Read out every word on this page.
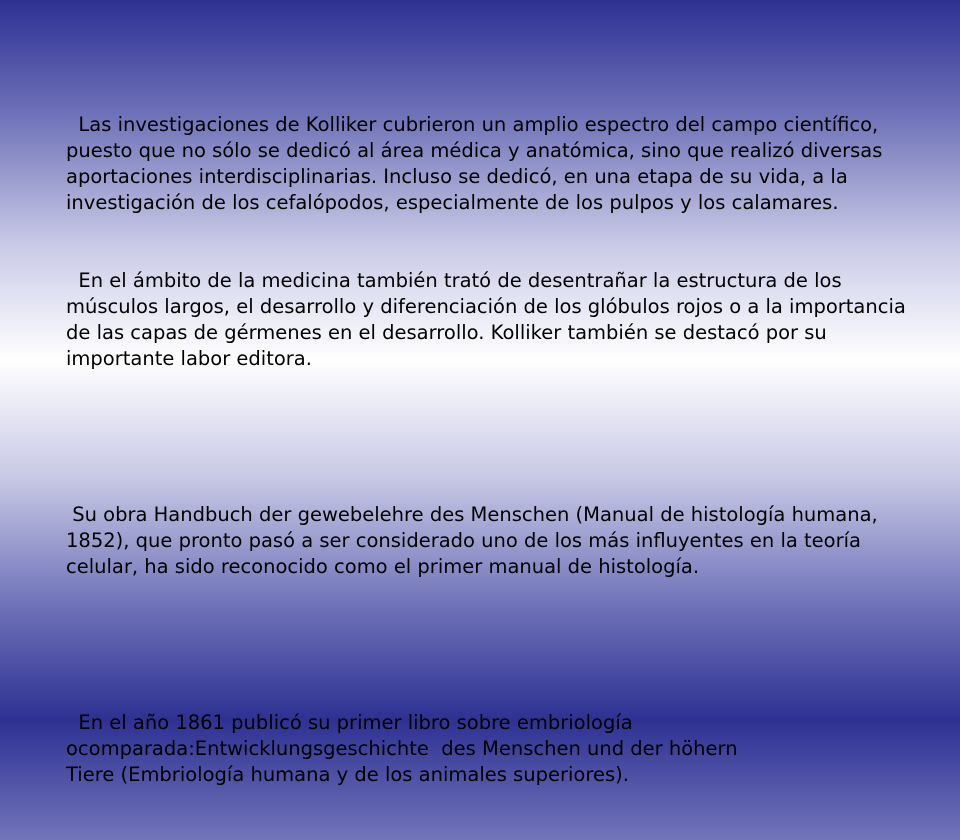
Las investigaciones de Kolliker cubrieron un amplio espectro del campo científico, puesto que no sólo se dedicó al área médica y anatómica, sino que realizó diversas aportaciones interdisciplinarias. Incluso se dedicó, en una etapa de su vida, a la investigación de los cefalópodos, especialmente de los pulpos y los calamares.

En el ámbito de la medicina también trató de desentrañar la estructura de los músculos largos, el desarrollo y diferenciación de los glóbulos rojos o a la importancia de las capas de gérmenes en el desarrollo. Kolliker también se destacó por su importante labor editora.

Su obra Handbuch der gewebelehre des Menschen (Manual de histología humana, 1852), que pronto pasó a ser considerado uno de los más influyentes en la teoría celular, ha sido reconocido como el primer manual de histología.

En el año 1861 publicó su primer libro sobre embriología ocomparada:Entwicklungsgeschichte  des Menschen und der höhern
Tiere (Embriología humana y de los animales superiores).
